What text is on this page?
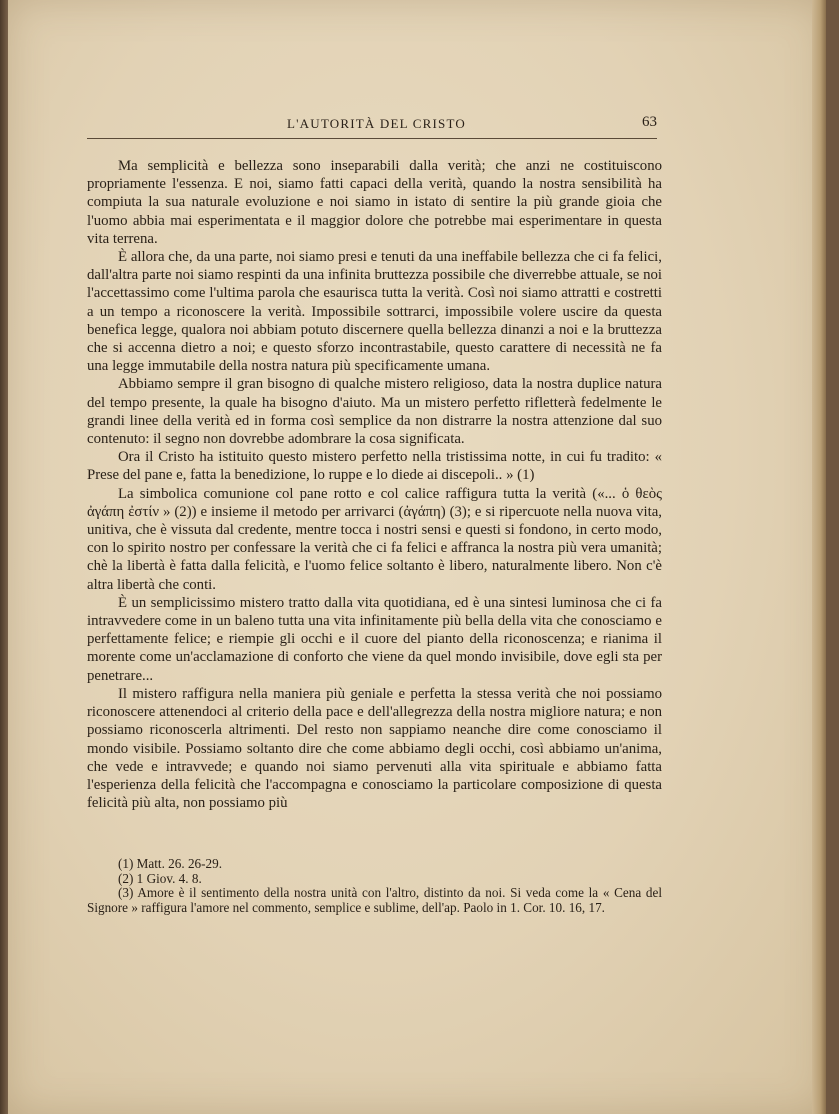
L'AUTORITÀ DEL CRISTO	63

Ma semplicità e bellezza sono inseparabili dalla verità; che anzi ne costituiscono propriamente l'essenza. E noi, siamo fatti capaci della verità, quando la nostra sensibilità ha compiuta la sua naturale evoluzione e noi siamo in istato di sentire la più grande gioia che l'uomo abbia mai esperimentata e il maggior dolore che potrebbe mai esperimentare in questa vita terrena.

È allora che, da una parte, noi siamo presi e tenuti da una ineffabile bellezza che ci fa felici, dall'altra parte noi siamo respinti da una infinita bruttezza possibile che diverrebbe attuale, se noi l'accettassimo come l'ultima parola che esaurisca tutta la verità. Così noi siamo attratti e costretti a un tempo a riconoscere la verità. Impossibile sottrarci, impossibile volere uscire da questa benefica legge, qualora noi abbiam potuto discernere quella bellezza dinanzi a noi e la bruttezza che si accenna dietro a noi; e questo sforzo incontrastabile, questo carattere di necessità ne fa una legge immutabile della nostra natura più specificamente umana.

Abbiamo sempre il gran bisogno di qualche mistero religioso, data la nostra duplice natura del tempo presente, la quale ha bisogno d'aiuto. Ma un mistero perfetto rifletterà fedelmente le grandi linee della verità ed in forma così semplice da non distrarre la nostra attenzione dal suo contenuto: il segno non dovrebbe adombrare la cosa significata.

Ora il Cristo ha istituito questo mistero perfetto nella tristissima notte, in cui fu tradito: « Prese del pane e, fatta la benedizione, lo ruppe e lo diede ai discepoli.. » (1)

La simbolica comunione col pane rotto e col calice raffigura tutta la verità («... ὁ θεὸς ἀγάπη ἐστίν » (2)) e insieme il metodo per arrivarci (ἀγάπη) (3); e si ripercuote nella nuova vita, unitiva, che è vissuta dal credente, mentre tocca i nostri sensi e questi si fondono, in certo modo, con lo spirito nostro per confessare la verità che ci fa felici e affranca la nostra più vera umanità; chè la libertà è fatta dalla felicità, e l'uomo felice soltanto è libero, naturalmente libero. Non c'è altra libertà che conti.

È un semplicissimo mistero tratto dalla vita quotidiana, ed è una sintesi luminosa che ci fa intravvedere come in un baleno tutta una vita infinitamente più bella della vita che conosciamo e perfettamente felice; e riempie gli occhi e il cuore del pianto della riconoscenza; e rianima il morente come un'acclamazione di conforto che viene da quel mondo invisibile, dove egli sta per penetrare...

Il mistero raffigura nella maniera più geniale e perfetta la stessa verità che noi possiamo riconoscere attenendoci al criterio della pace e dell'allegrezza della nostra migliore natura; e non possiamo riconoscerla altrimenti. Del resto non sappiamo neanche dire come conosciamo il mondo visibile. Possiamo soltanto dire che come abbiamo degli occhi, così abbiamo un'anima, che vede e intravvede; e quando noi siamo pervenuti alla vita spirituale e abbiamo fatta l'esperienza della felicità che l'accompagna e conosciamo la particolare composizione di questa felicità più alta, non possiamo più

(1) Matt. 26. 26-29.

(2) 1 Giov. 4. 8.

(3) Amore è il sentimento della nostra unità con l'altro, distinto da noi. Si veda come la « Cena del Signore » raffigura l'amore nel commento, semplice e sublime, dell'ap. Paolo in 1. Cor. 10. 16, 17.
